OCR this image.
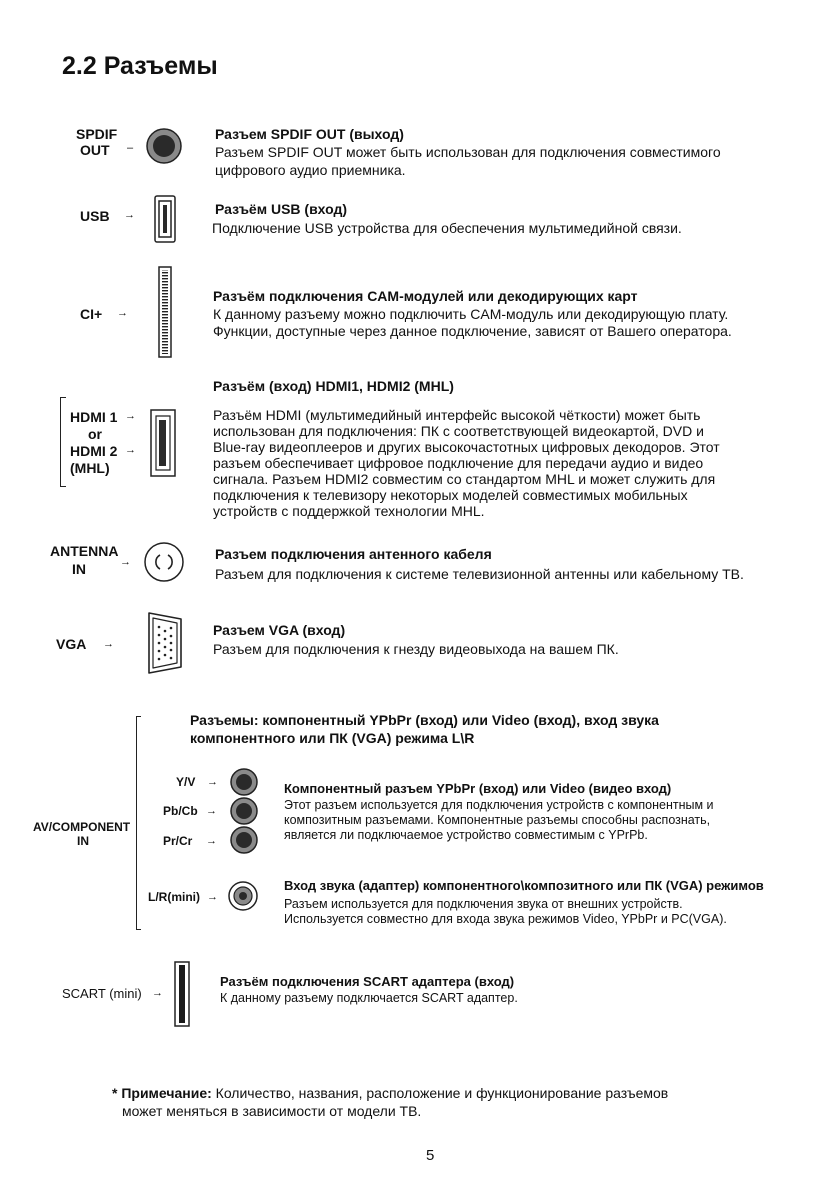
2.2 Разъемы
SPDIF
OUT –
Разъем SPDIF OUT (выход)
Разъем SPDIF OUT может быть использован для подключения совместимого
цифрового аудио приемника.
USB →	Разъём USB (вход)
Подключение USB устройства для обеспечения мультимедийной связи.
CI+ →
Разъём подключения CAM-модулей или декодирующих карт
К данному разъему можно подключить CAM-модуль или декодирующую плату.
Функции, доступные через данное подключение, зависят от Вашего оператора.
HDMI 1 →
or
HDMI 2 →
(MHL)
Разъём (вход) HDMI1, HDMI2 (MHL)
Разъём HDMI (мультимедийный интерфейс высокой чёткости) может быть
использован для подключения: ПК с соответствующей видеокартой, DVD и
Blue-ray видеоплееров и других высокочастотных цифровых декодоров. Этот
разъем обеспечивает цифровое подключение для передачи аудио и видео
сигнала. Разъем HDMI2 совместим со стандартом MHL и может служить для
подключения к телевизору некоторых моделей совместимых мобильных
устройств с поддержкой технологии MHL.
ANTENNA
IN	→	Разъем подключения антенного кабеля
Разъем для подключения к системе телевизионной антенны или кабельному ТВ.
VGA →
Разъем VGA (вход)
Разъем для подключения к гнезду видеовыхода на вашем ПК.
AV/COMPONENT
IN
Разъемы: компонентный YPbPr (вход) или Video (вход), вход звука
компонентного или ПК (VGA) режима L\R
Y/V →
Pb/Cb →
Pr/Cr →
Компонентный разъем YPbPr (вход) или Video (видео вход)
Этот разъем используется для подключения устройств с компонентным и
композитным разъемами. Компонентные разъемы способны распознать,
является ли подключаемое устройство совместимым с YPrPb.
L/R(mini) →
Вход звука (адаптер) компонентного\композитного или ПК (VGA) режимов
Разъем используется для подключения звука от внешних устройств.
Используется совместно для входа звука режимов Video, YPbPr и PC(VGA).
SCART (mini) →
Разъём подключения SCART адаптера (вход)
К данному разъему подключается SCART адаптер.
* Примечание: Количество, названия, расположение и функционирование разъемов
может меняться в зависимости от модели ТВ.
5
